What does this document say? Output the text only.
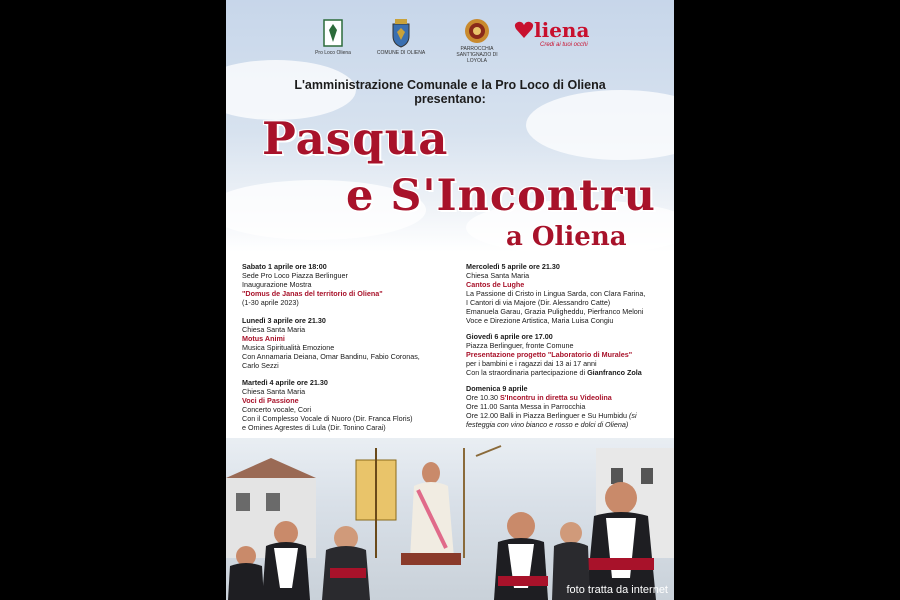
Pro Loco Oliena	COMUNE DI OLIENA
PARROCCHIA SANT'IGNAZIO DI LOYOLA
liena
Credi ai tuoi occhi
L'amministrazione Comunale e la Pro Loco di Oliena
presentano:
Pasqua
e S'Incontru
a Oliena
Sabato 1 aprile ore 18:00
Sede Pro Loco Piazza Berlinguer
Inaugurazione Mostra
"Domus de Janas del territorio di Oliena"
(1-30 aprile 2023)
Lunedì 3 aprile ore 21.30
Chiesa Santa Maria
Motus Animi
Musica Spiritualità Emozione
Con Annamaria Deiana, Omar Bandinu, Fabio Coronas,
Carlo Sezzi
Martedì 4 aprile ore 21.30
Chiesa Santa Maria
Voci di Passione
Concerto vocale, Cori
Con il Complesso Vocale di Nuoro (Dir. Franca Floris)
e Omines Agrestes di Lula (Dir. Tonino Carai)
Mercoledì 5 aprile ore 21.30
Chiesa Santa Maria
Cantos de Lughe
La Passione di Cristo in Lingua Sarda, con Clara Farina,
I Cantori di via Majore (Dir. Alessandro Catte)
Emanuela Garau, Grazia Puligheddu, Pierfranco Meloni
Voce e Direzione Artistica, Maria Luisa Congiu
Giovedì 6 aprile ore 17.00
Piazza Berlinguer, fronte Comune
Presentazione progetto "Laboratorio di Murales"
per i bambini e i ragazzi dai 13 ai 17 anni
Con la straordinaria partecipazione di Gianfranco Zola
Domenica 9 aprile
Ore 10.30 S'Incontru in diretta su Videolina
Ore 11.00 Santa Messa in Parrocchia
Ore 12.00 Balli in Piazza Berlinguer e Su Humbidu (si
festeggia con vino bianco e rosso e dolci di Oliena)
foto tratta da internet
